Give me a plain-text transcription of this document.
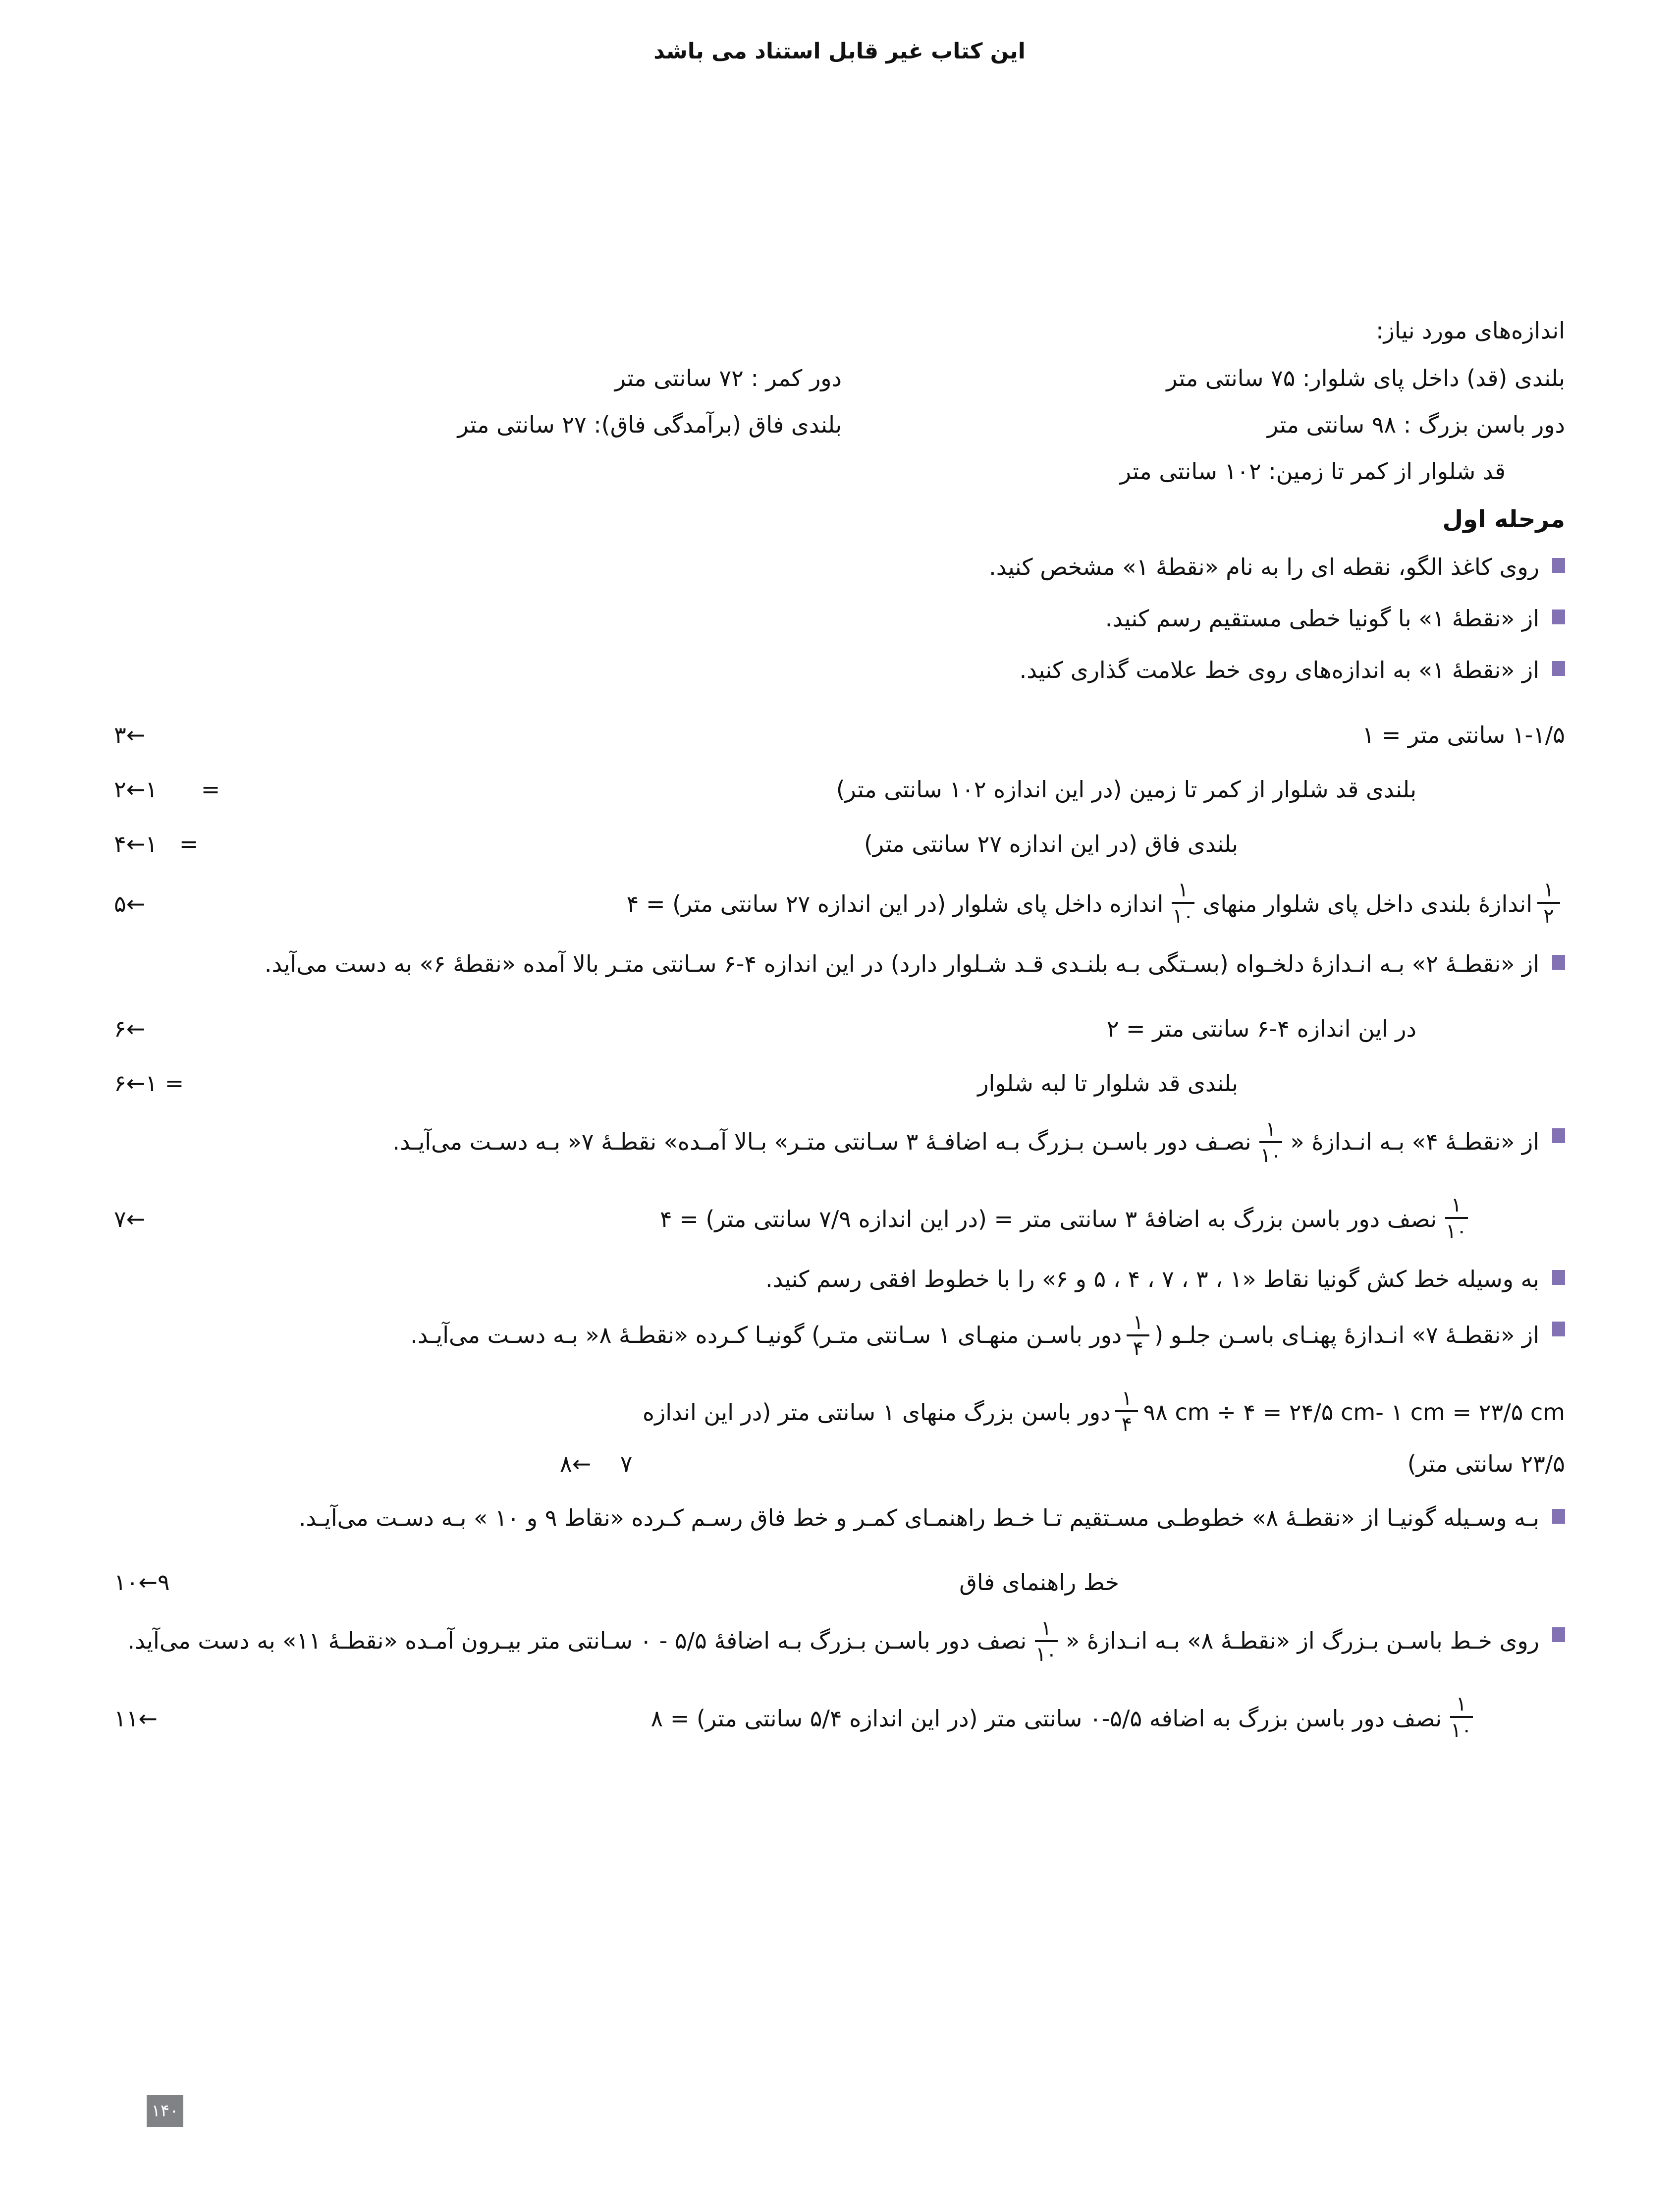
این کتاب غیر قابل استناد می باشد
اندازه‌های مورد نیاز:
بلندی (قد) داخل پای شلوار: ۷۵ سانتی متر
دور کمر : ۷۲ سانتی متر
دور باسن بزرگ : ۹۸ سانتی متر
بلندی فاق (برآمدگی فاق): ۲۷ سانتی متر
قد شلوار از کمر تا زمین: ۱۰۲ سانتی متر
مرحله اول
روی کاغذ الگو، نقطه ای را به نام «نقطۀ ۱» مشخص کنید.
از «نقطۀ ۱» با گونیا خطی مستقیم رسم کنید.
از «نقطۀ ۱» به اندازه‌های روی خط علامت گذاری کنید.
۱-۱/۵ سانتی متر = ۱
←۳
بلندی قد شلوار از کمر تا زمین (در این اندازه ۱۰۲ سانتی متر)
=      ۱←۲
بلندی فاق (در این اندازه ۲۷ سانتی متر)
=   ۱←۴
$\frac{۱}{۲}$
اندازۀ بلندی داخل پای شلوار منهای
$\frac{۱}{۱۰}$
اندازه داخل پای شلوار (در این اندازه ۲۷ سانتی متر) = ۴
←۵
از «نقطـۀ ۲» بـه انـدازۀ دلخـواه (بسـتگی بـه بلنـدی قـد شـلوار دارد) در این اندازه ۴-۶ سـانتی متـر بالا آمده «نقطۀ ۶» به دست می‌آید.
در این اندازه ۴-۶ سانتی متر = ۲
←۶
بلندی قد شلوار تا لبه شلوار
= ۱←۶
از «نقطـۀ ۴» بـه انـدازۀ «
$\frac{۱}{۱۰}$
نصـف دور باسـن بـزرگ بـه اضافـۀ ۳ سـانتی متـر» بـالا آمـده» نقطـۀ ۷« بـه دسـت می‌آیـد.
$\frac{۱}{۱۰}$
نصف دور باسن بزرگ به اضافۀ ۳ سانتی متر = (در این اندازه ۷/۹ سانتی متر) = ۴
←۷
به وسیله خط کش گونیا نقاط «۱ ، ۳ ، ۷ ، ۴ ، ۵ و ۶» را با خطوط افقی رسم کنید.
از «نقطـۀ ۷» انـدازۀ پهنـای باسـن جلـو (
$\frac{۱}{۴}$
دور باسـن منهـای ۱ سـانتی متـر) گونیـا کـرده «نقطـۀ ۸« بـه دسـت می‌آیـد.
۹۸ cm ÷ ۴ = ۲۴/۵ cm- ۱ cm = ۲۳/۵ cm
$\frac{۱}{۴}$
دور باسن بزرگ منهای ۱ سانتی متر (در این اندازه
۲۳/۵ سانتی متر)
۷    ←۸
بـه وسـیله گونیـا از «نقطـۀ ۸» خطوطـی مسـتقیم تـا خـط راهنمـای کمـر و خط فاق رسـم کـرده «نقاط ۹ و ۱۰ » بـه دسـت می‌آیـد.
خط راهنمای فاق
۹←۱۰
روی خـط باسـن بـزرگ از «نقطـۀ ۸» بـه انـدازۀ «
$\frac{۱}{۱۰}$
نصف دور باسـن بـزرگ بـه اضافۀ ۵/۵ - ۰ سـانتی متر بیـرون آمـده «نقطـۀ ۱۱» به دست می‌آید.
$\frac{۱}{۱۰}$
نصف دور باسن بزرگ به اضافه ۵/۵-۰ سانتی متر (در این اندازه ۵/۴ سانتی متر) = ۸
←۱۱
۱۴۰
